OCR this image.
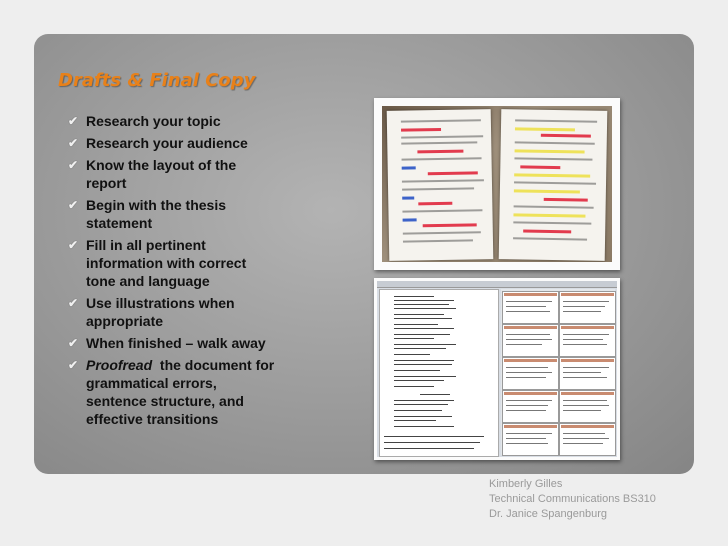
Drafts & Final Copy
✔ Research your topic
✔ Research your audience
✔ Know the layout of the report
✔ Begin with the thesis statement
✔ Fill in all pertinent information with correct tone and language
✔ Use illustrations when appropriate
✔ When finished – walk away
✔ Proofread the document for grammatical errors, sentence structure, and effective transitions
Kimberly Gilles
Technical Communications BS310
Dr. Janice Spangenburg
